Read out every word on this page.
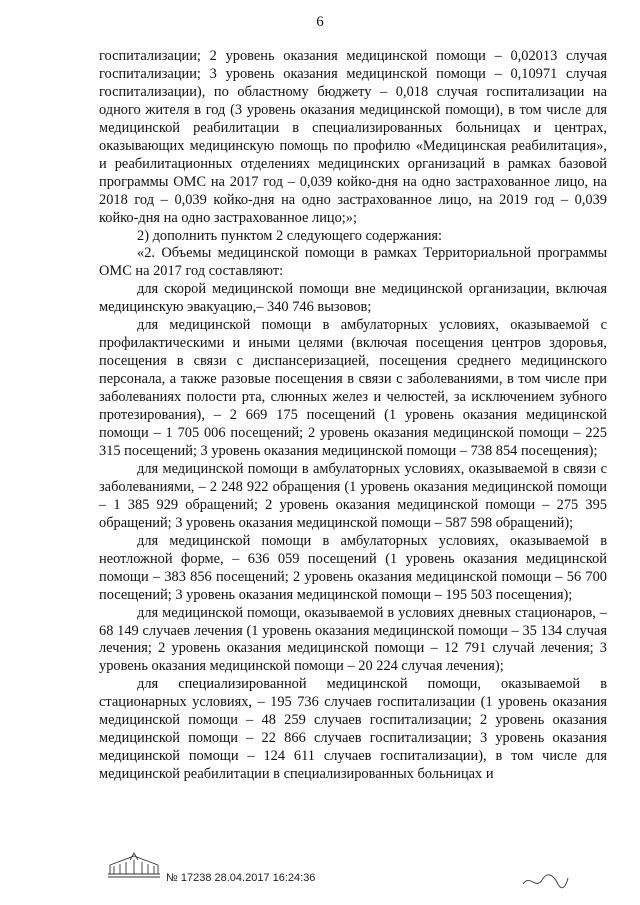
6

госпитализации; 2 уровень оказания медицинской помощи – 0,02013 случая госпитализации; 3 уровень оказания медицинской помощи – 0,10971 случая госпитализации), по областному бюджету – 0,018 случая госпитализации на одного жителя в год (3 уровень оказания медицинской помощи), в том числе для медицинской реабилитации в специализированных больницах и центрах, оказывающих медицинскую помощь по профилю «Медицинская реабилитация», и реабилитационных отделениях медицинских организаций в рамках базовой программы ОМС на 2017 год – 0,039 койко-дня на одно застрахованное лицо, на 2018 год – 0,039 койко-дня на одно застрахованное лицо, на 2019 год – 0,039 койко-дня на одно застрахованное лицо;»;

2) дополнить пунктом 2 следующего содержания:

«2. Объемы медицинской помощи в рамках Территориальной программы ОМС на 2017 год составляют:

для скорой медицинской помощи вне медицинской организации, включая медицинскую эвакуацию,– 340 746 вызовов;

для медицинской помощи в амбулаторных условиях, оказываемой с профилактическими и иными целями (включая посещения центров здоровья, посещения в связи с диспансеризацией, посещения среднего медицинского персонала, а также разовые посещения в связи с заболеваниями, в том числе при заболеваниях полости рта, слюнных желез и челюстей, за исключением зубного протезирования), – 2 669 175 посещений (1 уровень оказания медицинской помощи – 1 705 006 посещений; 2 уровень оказания медицинской помощи – 225 315 посещений; 3 уровень оказания медицинской помощи – 738 854 посещения);

для медицинской помощи в амбулаторных условиях, оказываемой в связи с заболеваниями, – 2 248 922 обращения (1 уровень оказания медицинской помощи – 1 385 929 обращений; 2 уровень оказания медицинской помощи – 275 395 обращений; 3 уровень оказания медицинской помощи – 587 598 обращений);

для медицинской помощи в амбулаторных условиях, оказываемой в неотложной форме, – 636 059 посещений (1 уровень оказания медицинской помощи – 383 856 посещений; 2 уровень оказания медицинской помощи – 56 700 посещений; 3 уровень оказания медицинской помощи – 195 503 посещения);

для медицинской помощи, оказываемой в условиях дневных стационаров, – 68 149 случаев лечения (1 уровень оказания медицинской помощи – 35 134 случая лечения; 2 уровень оказания медицинской помощи – 12 791 случай лечения; 3 уровень оказания медицинской помощи – 20 224 случая лечения);

для специализированной медицинской помощи, оказываемой в стационарных условиях, – 195 736 случаев госпитализации (1 уровень оказания медицинской помощи – 48 259 случаев госпитализации; 2 уровень оказания медицинской помощи – 22 866 случаев госпитализации; 3 уровень оказания медицинской помощи – 124 611 случаев госпитализации), в том числе для медицинской реабилитации в специализированных больницах и

№ 17238 28.04.2017 16:24:36
